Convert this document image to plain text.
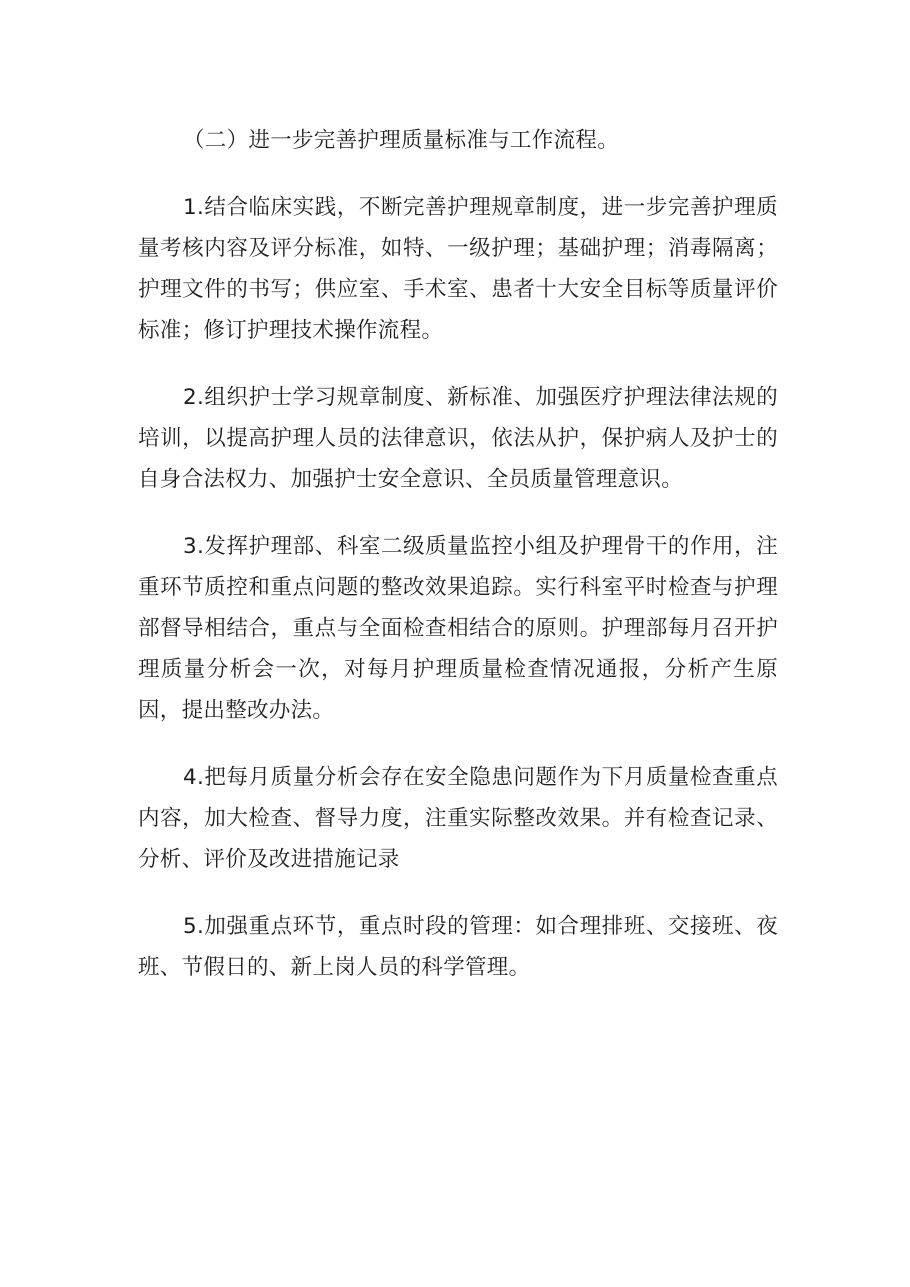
（二）进一步完善护理质量标准与工作流程。

1.结合临床实践，不断完善护理规章制度，进一步完善护理质量考核内容及评分标准，如特、一级护理；基础护理；消毒隔离；护理文件的书写；供应室、手术室、患者十大安全目标等质量评价标准；修订护理技术操作流程。

2.组织护士学习规章制度、新标准、加强医疗护理法律法规的培训，以提高护理人员的法律意识，依法从护，保护病人及护士的自身合法权力、加强护士安全意识、全员质量管理意识。

3.发挥护理部、科室二级质量监控小组及护理骨干的作用，注重环节质控和重点问题的整改效果追踪。实行科室平时检查与护理部督导相结合，重点与全面检查相结合的原则。护理部每月召开护理质量分析会一次，对每月护理质量检查情况通报，分析产生原因，提出整改办法。

4.把每月质量分析会存在安全隐患问题作为下月质量检查重点内容，加大检查、督导力度，注重实际整改效果。并有检查记录、分析、评价及改进措施记录

5.加强重点环节，重点时段的管理：如合理排班、交接班、夜班、节假日的、新上岗人员的科学管理。
